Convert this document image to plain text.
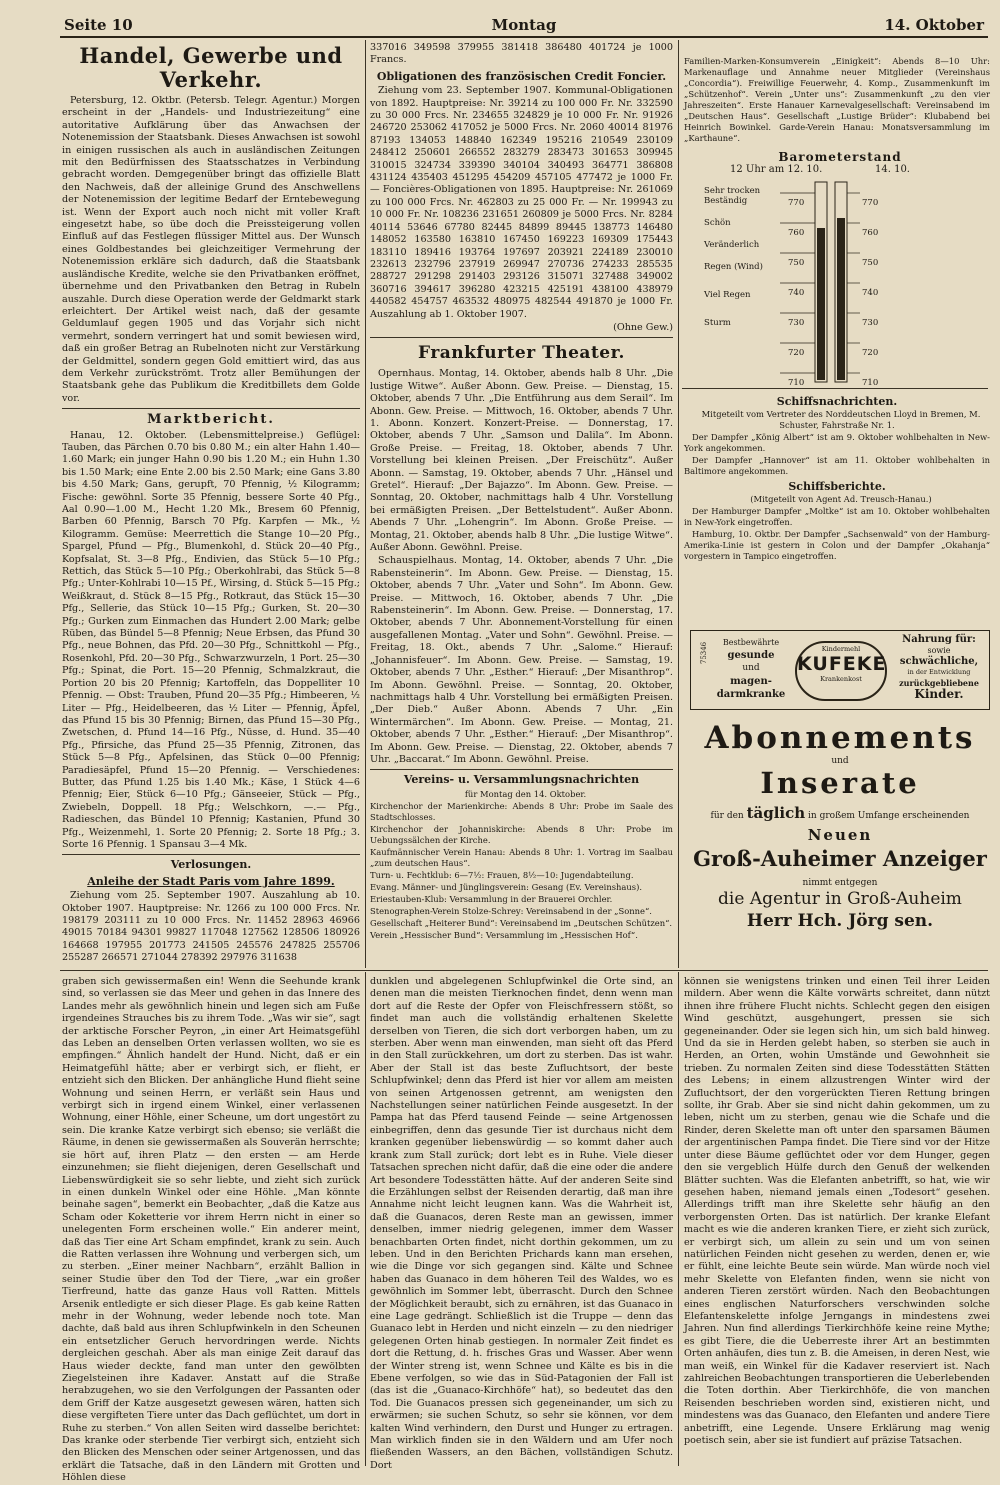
Seite 10	Montag	14. Oktober
Handel, Gewerbe und Verkehr.

Petersburg, 12. Oktbr. (Petersb. Telegr. Agentur.) Morgen erscheint in der „Handels- und Industriezeitung“ eine autoritative Aufklärung über das Anwachsen der Notenemission der Staatsbank. Dieses Anwachsen ist sowohl in einigen russischen als auch in ausländischen Zeitungen mit den Bedürfnissen des Staatsschatzes in Verbindung gebracht worden. Demgegenüber bringt das offizielle Blatt den Nachweis, daß der alleinige Grund des Anschwellens der Notenemission der legitime Bedarf der Erntebewegung ist. Wenn der Export auch noch nicht mit voller Kraft eingesetzt habe, so übe doch die Preissteigerung vollen Einfluß auf das Festlegen flüssiger Mittel aus. Der Wunsch eines Goldbestandes bei gleichzeitiger Vermehrung der Notenemission erkläre sich dadurch, daß die Staatsbank ausländische Kredite, welche sie den Privatbanken eröffnet, übernehme und den Privatbanken den Betrag in Rubeln auszahle. Durch diese Operation werde der Geldmarkt stark erleichtert. Der Artikel weist nach, daß der gesamte Geldumlauf gegen 1905 und das Vorjahr sich nicht vermehrt, sondern verringert hat und somit bewiesen wird, daß ein großer Betrag an Rubelnoten nicht zur Verstärkung der Geldmittel, sondern gegen Gold emittiert wird, das aus dem Verkehr zurückströmt. Trotz aller Bemühungen der Staatsbank gehe das Publikum die Kreditbillets dem Golde vor.

Marktbericht.

Hanau, 12. Oktober. (Lebensmittelpreise.) Geflügel: Tauben, das Pärchen 0.70 bis 0.80 M.; ein alter Hahn 1.40—1.60 Mark; ein junger Hahn 0.90 bis 1.20 M.; ein Huhn 1.30 bis 1.50 Mark; eine Ente 2.00 bis 2.50 Mark; eine Gans 3.80 bis 4.50 Mark; Gans, gerupft, 70 Pfennig, ½ Kilogramm; Fische: gewöhnl. Sorte 35 Pfennig, bessere Sorte 40 Pfg., Aal 0.90—1.00 M., Hecht 1.20 Mk., Bresem 60 Pfennig, Barben 60 Pfennig, Barsch 70 Pfg. Karpfen — Mk., ½ Kilogramm. Gemüse: Meerrettich die Stange 10—20 Pfg., Spargel, Pfund — Pfg., Blumenkohl, d. Stück 20—40 Pfg., Kopfsalat, St. 3—8 Pfg., Endivien, das Stück 5—10 Pfg.; Rettich, das Stück 5—10 Pfg.; Oberkohlrabi, das Stück 5—8 Pfg.; Unter-Kohlrabi 10—15 Pf., Wirsing, d. Stück 5—15 Pfg.; Weißkraut, d. Stück 8—15 Pfg., Rotkraut, das Stück 15—30 Pfg., Sellerie, das Stück 10—15 Pfg.; Gurken, St. 20—30 Pfg.; Gurken zum Einmachen das Hundert 2.00 Mark; gelbe Rüben, das Bündel 5—8 Pfennig; Neue Erbsen, das Pfund 30 Pfg., neue Bohnen, das Pfd. 20—30 Pfg., Schnittkohl — Pfg., Rosenkohl, Pfd. 20—30 Pfg., Schwarzwurzeln, 1 Port. 25—30 Pfg.; Spinat, die Port. 15—20 Pfennig, Schmalzkraut, die Portion 20 bis 20 Pfennig; Kartoffeln, das Doppelliter 10 Pfennig. — Obst: Trauben, Pfund 20—35 Pfg.; Himbeeren, ½ Liter — Pfg., Heidelbeeren, das ½ Liter — Pfennig, Äpfel, das Pfund 15 bis 30 Pfennig; Birnen, das Pfund 15—30 Pfg., Zwetschen, d. Pfund 14—16 Pfg., Nüsse, d. Hund. 35—40 Pfg., Pfirsiche, das Pfund 25—35 Pfennig, Zitronen, das Stück 5—8 Pfg., Apfelsinen, das Stück 0—00 Pfennig; Paradiesäpfel, Pfund 15—20 Pfennig. — Verschiedenes: Butter, das Pfund 1.25 bis 1.40 Mk.; Käse, 1 Stück 4—6 Pfennig; Eier, Stück 6—10 Pfg.; Gänseeier, Stück — Pfg., Zwiebeln, Doppell. 18 Pfg.; Welschkorn, —.— Pfg., Radieschen, das Bündel 10 Pfennig; Kastanien, Pfund 30 Pfg., Weizenmehl, 1. Sorte 20 Pfennig; 2. Sorte 18 Pfg.; 3. Sorte 16 Pfennig. 1 Spansau 3—4 Mk.

Verlosungen.
Anleihe der Stadt Paris vom Jahre 1899.

Ziehung vom 25. September 1907. Auszahlung ab 10. Oktober 1907. Hauptpreise: Nr. 1266 zu 100 000 Frcs. Nr. 198179 203111 zu 10 000 Frcs. Nr. 11452 28963 46966 49015 70184 94301 99827 117048 127562 128506 180926 164668 197955 201773 241505 245576 247825 255706 255287 266571 271044 278392 297976 311638

337016 349598 379955 381418 386480 401724 je 1000 Francs.

Obligationen des französischen Credit Foncier.

Ziehung vom 23. September 1907. Kommunal-Obligationen von 1892. Hauptpreise: Nr. 39214 zu 100 000 Fr. Nr. 332590 zu 30 000 Frcs. Nr. 234655 324829 je 10 000 Fr. Nr. 91926 246720 253062 417052 je 5000 Frcs. Nr. 2060 40014 81976 87193 134053 148840 162349 195216 210549 230109 248412 250601 266552 283279 283473 301653 309945 310015 324734 339390 340104 340493 364771 386808 431124 435403 451295 454209 457105 477472 je 1000 Fr. — Foncières-Obligationen von 1895. Hauptpreise: Nr. 261069 zu 100 000 Frcs. Nr. 462803 zu 25 000 Fr. — Nr. 199943 zu 10 000 Fr. Nr. 108236 231651 260809 je 5000 Frcs. Nr. 8284 40114 53646 67780 82445 84899 89445 138773 146480 148052 163580 163810 167450 169223 169309 175443 183110 189416 193764 197697 203921 224189 230010 232613 232796 237919 269947 270736 274233 285535 288727 291298 291403 293126 315071 327488 349002 360716 394617 396280 423215 425191 438100 438979 440582 454757 463532 480975 482544 491870 je 1000 Fr. Auszahlung ab 1. Oktober 1907.

(Ohne Gew.)

Frankfurter Theater.

Opernhaus. Montag, 14. Oktober, abends halb 8 Uhr. „Die lustige Witwe“. Außer Abonn. Gew. Preise. — Dienstag, 15. Oktober, abends 7 Uhr. „Die Entführung aus dem Serail“. Im Abonn. Gew. Preise. — Mittwoch, 16. Oktober, abends 7 Uhr. 1. Abonn. Konzert. Konzert-Preise. — Donnerstag, 17. Oktober, abends 7 Uhr. „Samson und Dalila“. Im Abonn. Große Preise. — Freitag, 18. Oktober, abends 7 Uhr. Vorstellung bei kleinen Preisen. „Der Freischütz“. Außer Abonn. — Samstag, 19. Oktober, abends 7 Uhr. „Hänsel und Gretel“. Hierauf: „Der Bajazzo“. Im Abonn. Gew. Preise. — Sonntag, 20. Oktober, nachmittags halb 4 Uhr. Vorstellung bei ermäßigten Preisen. „Der Bettelstudent“. Außer Abonn. Abends 7 Uhr. „Lohengrin“. Im Abonn. Große Preise. — Montag, 21. Oktober, abends halb 8 Uhr. „Die lustige Witwe“. Außer Abonn. Gewöhnl. Preise.

Schauspielhaus. Montag, 14. Oktober, abends 7 Uhr. „Die Rabensteinerin“. Im Abonn. Gew. Preise. — Dienstag, 15. Oktober, abends 7 Uhr. „Vater und Sohn“. Im Abonn. Gew. Preise. — Mittwoch, 16. Oktober, abends 7 Uhr. „Die Rabensteinerin“. Im Abonn. Gew. Preise. — Donnerstag, 17. Oktober, abends 7 Uhr. Abonnement-Vorstellung für einen ausgefallenen Montag. „Vater und Sohn“. Gewöhnl. Preise. — Freitag, 18. Okt., abends 7 Uhr. „Salome.“ Hierauf: „Johannisfeuer“. Im Abonn. Gew. Preise. — Samstag, 19. Oktober, abends 7 Uhr. „Esther.“ Hierauf: „Der Misanthrop“. Im Abonn. Gewöhnl. Preise. — Sonntag, 20. Oktober, nachmittags halb 4 Uhr. Vorstellung bei ermäßigten Preisen. „Der Dieb.“ Außer Abonn. Abends 7 Uhr. „Ein Wintermärchen“. Im Abonn. Gew. Preise. — Montag, 21. Oktober, abends 7 Uhr. „Esther.“ Hierauf: „Der Misanthrop“. Im Abonn. Gew. Preise. — Dienstag, 22. Oktober, abends 7 Uhr. „Baccarat.“ Im Abonn. Gewöhnl. Preise.

Vereins- u. Versammlungsnachrichten

für Montag den 14. Oktober.

Kirchenchor der Marienkirche: Abends 8 Uhr: Probe im Saale des Stadtschlosses.

Kirchenchor der Johanniskirche: Abends 8 Uhr: Probe im Uebungssälchen der Kirche.

Kaufmännischer Verein Hanau: Abends 8 Uhr: 1. Vortrag im Saalbau „zum deutschen Haus“.

Turn- u. Fechtklub: 6—7½: Frauen, 8½—10: Jugendabteilung.

Evang. Männer- und Jünglingsverein: Gesang (Ev. Vereinshaus).

Eriestauben-Klub: Versammlung in der Brauerei Orchler.

Stenographen-Verein Stolze-Schrey: Vereinsabend in der „Sonne“.

Gesellschaft „Heiterer Bund“: Vereinsabend im „Deutschen Schützen“.

Verein „Hessischer Bund“: Versammlung im „Hessischen Hof“.

Familien-Marken-Konsumverein „Einigkeit“: Abends 8—10 Uhr: Markenauflage und Annahme neuer Mitglieder (Vereinshaus „Concordia“). Freiwillige Feuerwehr, 4. Komp., Zusammenkunft im „Schützenhof“. Verein „Unter uns“: Zusammenkunft „zu den vier Jahreszeiten“. Erste Hanauer Karnevalgesellschaft: Vereinsabend im „Deutschen Haus“. Gesellschaft „Lustige Brüder“: Klubabend bei Heinrich Bowinkel. Garde-Verein Hanau: Monatsversammlung im „Karthaune“.

Barometerstand
12 Uhr am 12. 10.	14. 10.
Sehr trocken Beständig
Schön
Veränderlich
Regen (Wind)
Viel Regen
Sturm
770
760
750
740
730
720
710
770
760
750
740
730
720
710
Schiffsnachrichten.

Mitgeteilt vom Vertreter des Norddeutschen Lloyd in Bremen, M. Schuster, Fahrstraße Nr. 1.

Der Dampfer „König Albert“ ist am 9. Oktober wohlbehalten in New-York angekommen.

Der Dampfer „Hannover“ ist am 11. Oktober wohlbehalten in Baltimore angekommen.

Schiffsberichte.

(Mitgeteilt von Agent Ad. Treusch-Hanau.)

Der Hamburger Dampfer „Moltke“ ist am 10. Oktober wohlbehalten in New-York eingetroffen.

Hamburg, 10. Oktbr. Der Dampfer „Sachsenwald“ von der Hamburg-Amerika-Linie ist gestern in Colon und der Dampfer „Okahanja“ vorgestern in Tampico eingetroffen.

75346	Bestbewährte
gesunde
und
magen-
darmkranke
Kindermehl
KUFEKE
Krankenkost
Nahrung für:
sowie
schwächliche,
in der Entwicklung
zurückgebliebene
Kinder.
Abonnements
und
Inserate
für den täglich in großem Umfange erscheinenden
Neuen
Groß-Auheimer Anzeiger
nimmt entgegen
die Agentur in Groß-Auheim
Herr Hch. Jörg sen.

graben sich gewissermaßen ein! Wenn die Seehunde krank sind, so verlassen sie das Meer und gehen in das Innere des Landes mehr als gewöhnlich hinein und legen sich am Fuße irgendeines Strauches bis zu ihrem Tode. „Was wir sie“, sagt der arktische Forscher Peyron, „in einer Art Heimatsgefühl das Leben an denselben Orten verlassen wollten, wo sie es empfingen.“ Ähnlich handelt der Hund. Nicht, daß er ein Heimatgefühl hätte; aber er verbirgt sich, er flieht, er entzieht sich den Blicken. Der anhängliche Hund flieht seine Wohnung und seinen Herrn, er verläßt sein Haus und verbirgt sich in irgend einem Winkel, einer verlassenen Wohnung, einer Höhle, einer Scheune, um dort ungestört zu sein. Die kranke Katze verbirgt sich ebenso; sie verläßt die Räume, in denen sie gewissermaßen als Souverän herrschte; sie hört auf, ihren Platz — den ersten — am Herde einzunehmen; sie flieht diejenigen, deren Gesellschaft und Liebenswürdigkeit sie so sehr liebte, und zieht sich zurück in einen dunkeln Winkel oder eine Höhle. „Man könnte beinahe sagen“, bemerkt ein Beobachter, „daß die Katze aus Scham oder Koketterie vor ihrem Herrn nicht in einer so unelegenten Form erscheinen wolle.“ Ein anderer meint, daß das Tier eine Art Scham empfindet, krank zu sein. Auch die Ratten verlassen ihre Wohnung und verbergen sich, um zu sterben. „Einer meiner Nachbarn“, erzählt Ballion in seiner Studie über den Tod der Tiere, „war ein großer Tierfreund, hatte das ganze Haus voll Ratten. Mittels Arsenik entledigte er sich dieser Plage. Es gab keine Ratten mehr in der Wohnung, weder lebende noch tote. Man dachte, daß bald aus ihren Schlupfwinkeln in den Scheunen ein entsetzlicher Geruch hervordringen werde. Nichts dergleichen geschah. Aber als man einige Zeit darauf das Haus wieder deckte, fand man unter den gewölbten Ziegelsteinen ihre Kadaver. Anstatt auf die Straße herabzugehen, wo sie den Verfolgungen der Passanten oder dem Griff der Katze ausgesetzt gewesen wären, hatten sich diese vergifteten Tiere unter das Dach geflüchtet, um dort in Ruhe zu sterben.“ Von allen Seiten wird dasselbe berichtet: Das kranke oder sterbende Tier verbirgt sich, entzieht sich den Blicken des Menschen oder seiner Artgenossen, und das erklärt die Tatsache, daß in den Ländern mit Grotten und Höhlen diese

dunklen und abgelegenen Schlupfwinkel die Orte sind, an denen man die meisten Tierknochen findet, denn wenn man dort auf die Reste der Opfer von Fleischfressern stößt, so findet man auch die vollständig erhaltenen Skelette derselben von Tieren, die sich dort verborgen haben, um zu sterben. Aber wenn man einwenden, man sieht oft das Pferd in den Stall zurückkehren, um dort zu sterben. Das ist wahr. Aber der Stall ist das beste Zufluchtsort, der beste Schlupfwinkel; denn das Pferd ist hier vor allem am meisten von seinen Artgenossen getrennt, am wenigsten den Nachstellungen seiner natürlichen Feinde ausgesetzt. In der Pampa hat das Pferd tausend Feinde — seine Artgenossen einbegriffen, denn das gesunde Tier ist durchaus nicht dem kranken gegenüber liebenswürdig — so kommt daher auch krank zum Stall zurück; dort lebt es in Ruhe. Viele dieser Tatsachen sprechen nicht dafür, daß die eine oder die andere Art besondere Todesstätten hätte. Auf der anderen Seite sind die Erzählungen selbst der Reisenden derartig, daß man ihre Annahme nicht leicht leugnen kann. Was die Wahrheit ist, daß die Guanacos, deren Reste man an gewissen, immer denselben, immer niedrig gelegenen, immer dem Wasser benachbarten Orten findet, nicht dorthin gekommen, um zu leben. Und in den Berichten Prichards kann man ersehen, wie die Dinge vor sich gegangen sind. Kälte und Schnee haben das Guanaco in dem höheren Teil des Waldes, wo es gewöhnlich im Sommer lebt, überrascht. Durch den Schnee der Möglichkeit beraubt, sich zu ernähren, ist das Guanaco in eine Lage gedrängt. Schließlich ist die Truppe — denn das Guanaco lebt in Herden und nicht einzeln — zu den niedriger gelegenen Orten hinab gestiegen. In normaler Zeit findet es dort die Rettung, d. h. frisches Gras und Wasser. Aber wenn der Winter streng ist, wenn Schnee und Kälte es bis in die Ebene verfolgen, so wie das in Süd-Patagonien der Fall ist (das ist die „Guanaco-Kirchhöfe“ hat), so bedeutet das den Tod. Die Guanacos pressen sich gegeneinander, um sich zu erwärmen; sie suchen Schutz, so sehr sie können, vor dem kalten Wind verhindern, den Durst und Hunger zu ertragen. Man wirklich finden sie in den Wäldern und am Ufer noch fließenden Wassers, an den Bächen, vollständigen Schutz. Dort

können sie wenigstens trinken und einen Teil ihrer Leiden mildern. Aber wenn die Kälte vorwärts schreitet, dann nützt ihnen ihre frühere Flucht nichts. Schlecht gegen den eisigen Wind geschützt, ausgehungert, pressen sie sich gegeneinander. Oder sie legen sich hin, um sich bald hinweg. Und da sie in Herden gelebt haben, so sterben sie auch in Herden, an Orten, wohin Umstände und Gewohnheit sie trieben. Zu normalen Zeiten sind diese Todesstätten Stätten des Lebens; in einem allzustrengen Winter wird der Zufluchtsort, der den vorgerückten Tieren Rettung bringen sollte, ihr Grab. Aber sie sind nicht dahin gekommen, um zu leben, nicht um zu sterben, genau wie die Schafe und die Rinder, deren Skelette man oft unter den sparsamen Bäumen der argentinischen Pampa findet. Die Tiere sind vor der Hitze unter diese Bäume geflüchtet oder vor dem Hunger, gegen den sie vergeblich Hülfe durch den Genuß der welkenden Blätter suchten. Was die Elefanten anbetrifft, so hat, wie wir gesehen haben, niemand jemals einen „Todesort“ gesehen. Allerdings trifft man ihre Skelette sehr häufig an den verborgensten Orten. Das ist natürlich. Der kranke Elefant macht es wie die anderen kranken Tiere, er zieht sich zurück, er verbirgt sich, um allein zu sein und um von seinen natürlichen Feinden nicht gesehen zu werden, denen er, wie er fühlt, eine leichte Beute sein würde. Man würde noch viel mehr Skelette von Elefanten finden, wenn sie nicht von anderen Tieren zerstört würden. Nach den Beobachtungen eines englischen Naturforschers verschwinden solche Elefantenskelette infolge Jerngangs in mindestens zwei Jahren. Nun find allerdings Tierkirchhöfe keine reine Mythe; es gibt Tiere, die die Ueberreste ihrer Art an bestimmten Orten anhäufen, dies tun z. B. die Ameisen, in deren Nest, wie man weiß, ein Winkel für die Kadaver reserviert ist. Nach zahlreichen Beobachtungen transportieren die Ueberlebenden die Toten dorthin. Aber Tierkirchhöfe, die von manchen Reisenden beschrieben worden sind, existieren nicht, und mindestens was das Guanaco, den Elefanten und andere Tiere anbetrifft, eine Legende. Unsere Erklärung mag wenig poetisch sein, aber sie ist fundiert auf präzise Tatsachen.
